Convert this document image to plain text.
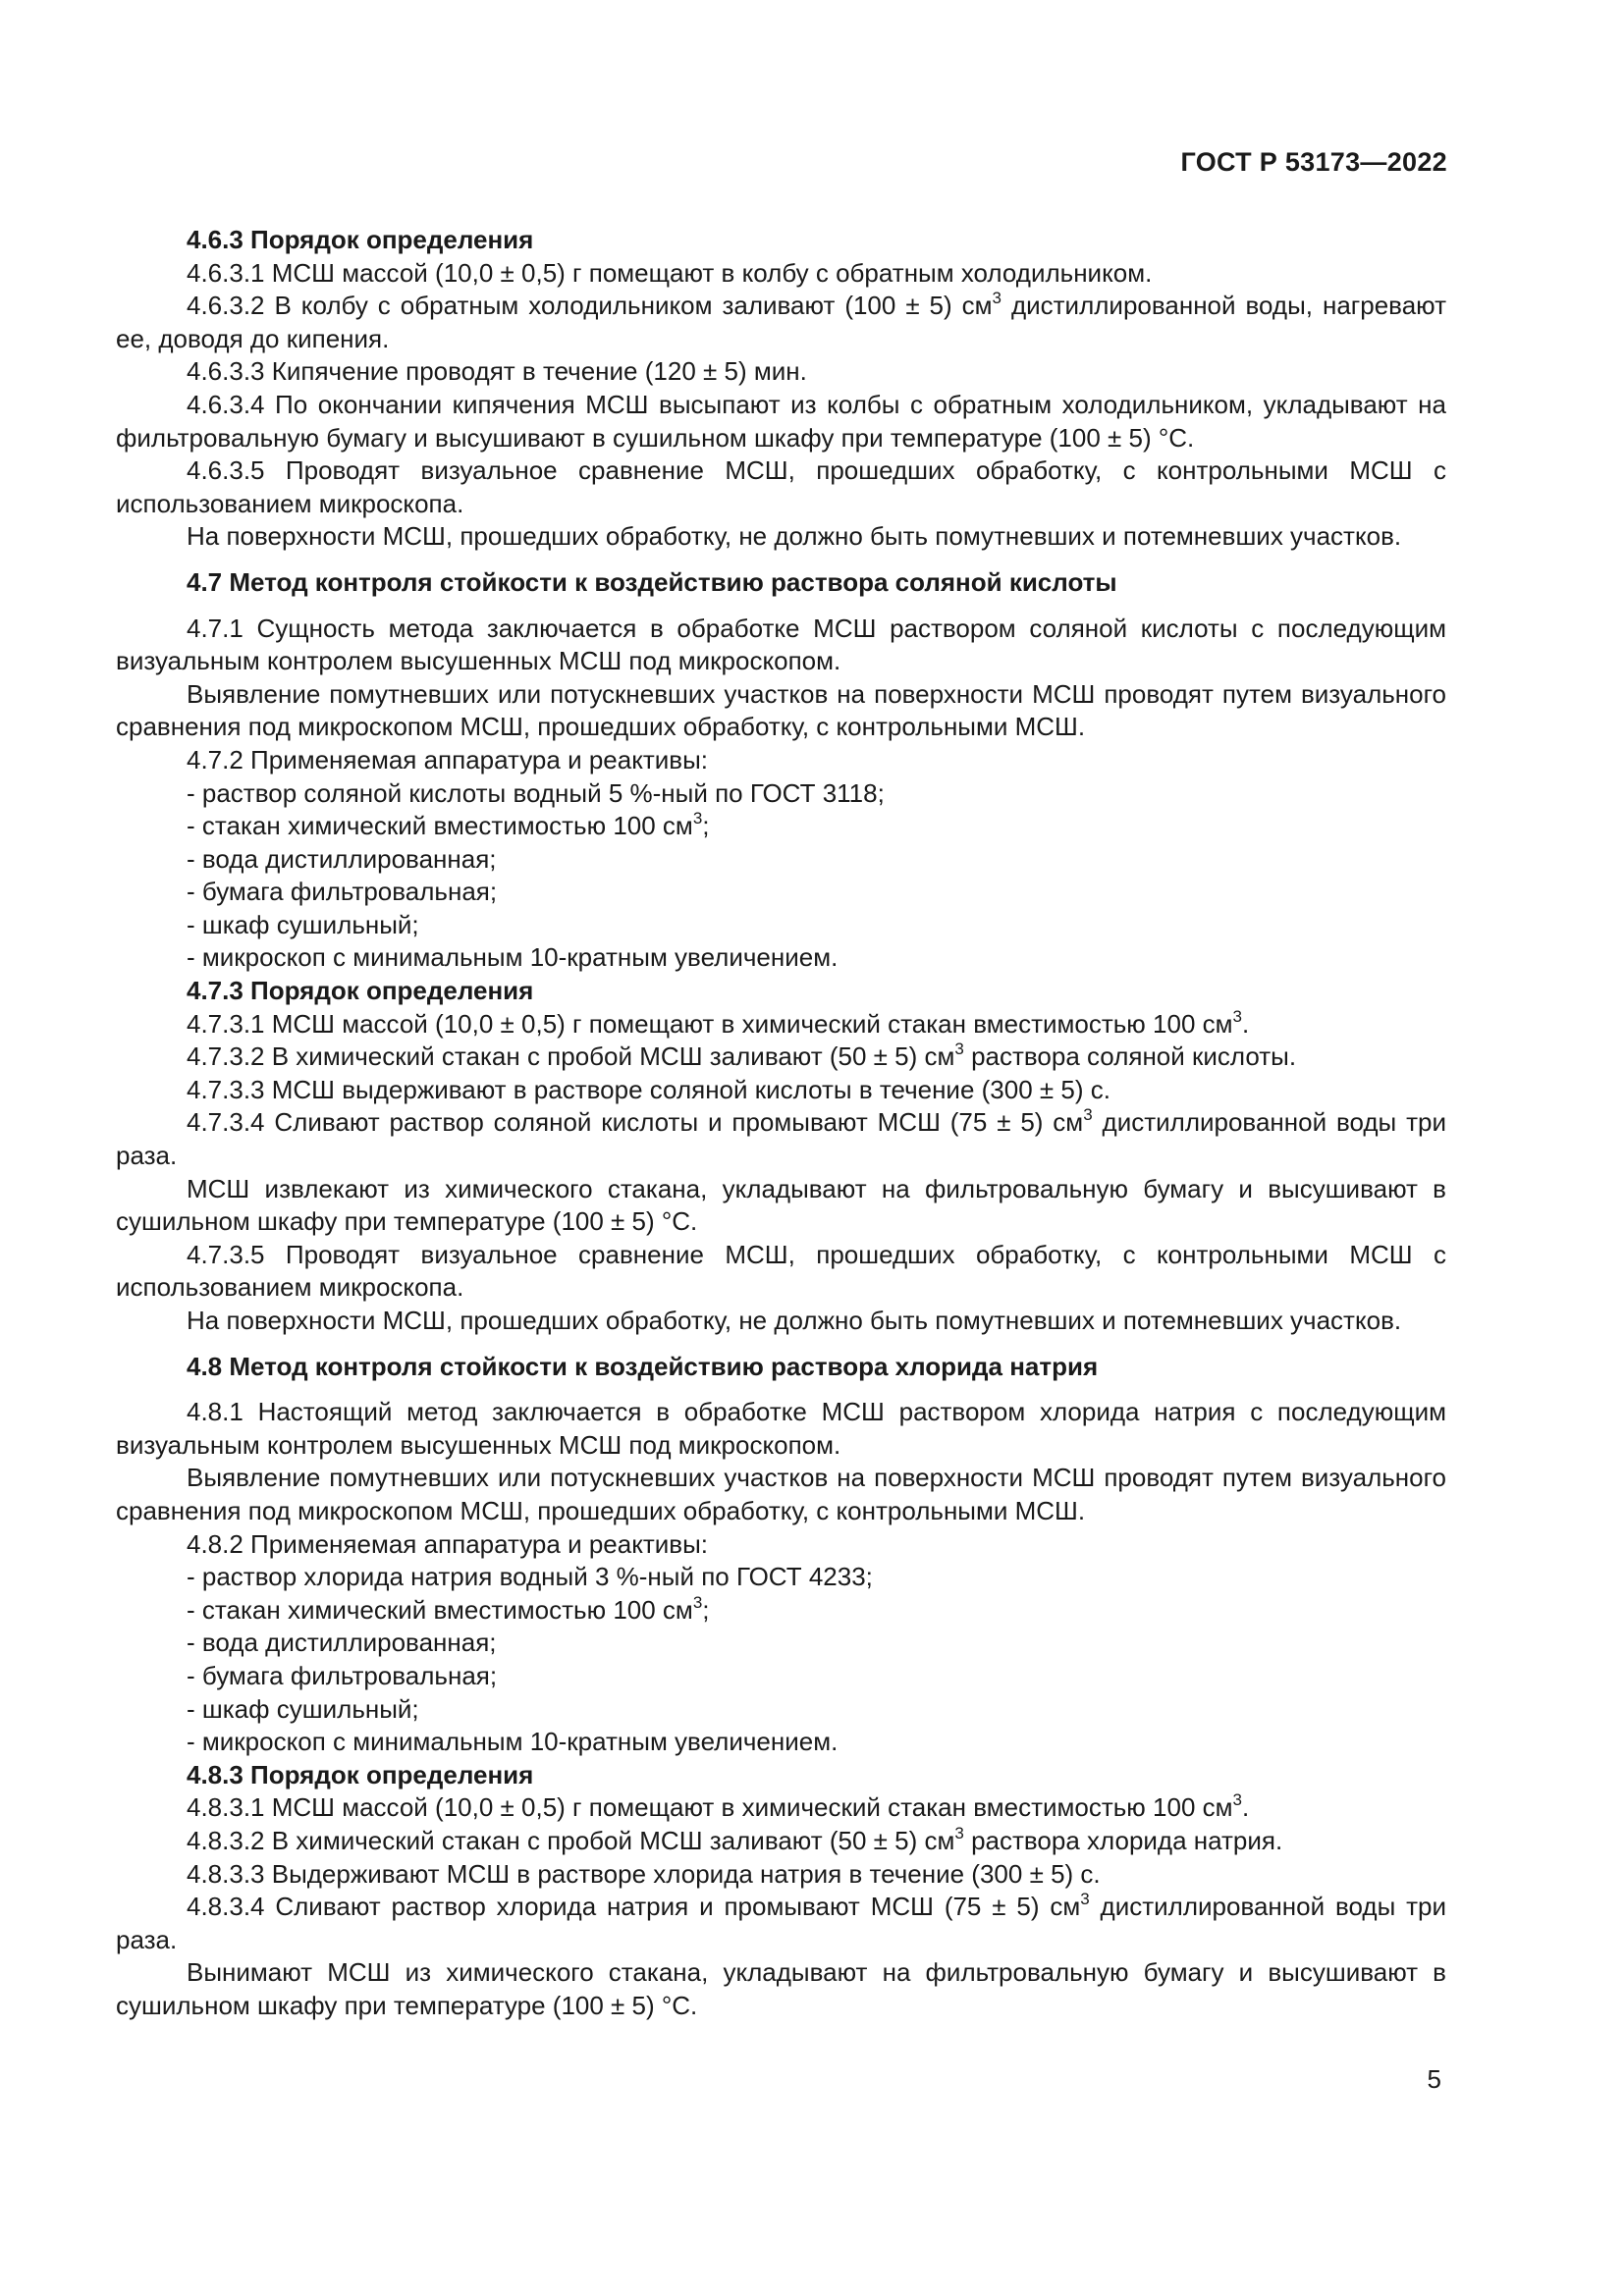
ГОСТ Р 53173—2022

4.6.3 Порядок определения

4.6.3.1 МСШ массой (10,0 ± 0,5) г помещают в колбу с обратным холодильником.

4.6.3.2 В колбу с обратным холодильником заливают (100 ± 5) $см^3$ дистиллированной воды, нагревают ее, доводя до кипения.

4.6.3.3 Кипячение проводят в течение (120 ± 5) мин.

4.6.3.4 По окончании кипячения МСШ высыпают из колбы с обратным холодильником, укладывают на фильтровальную бумагу и высушивают в сушильном шкафу при температуре (100 ± 5) °С.

4.6.3.5 Проводят визуальное сравнение МСШ, прошедших обработку, с контрольными МСШ с использованием микроскопа.

На поверхности МСШ, прошедших обработку, не должно быть помутневших и потемневших участков.

4.7 Метод контроля стойкости к воздействию раствора соляной кислоты

4.7.1 Сущность метода заключается в обработке МСШ раствором соляной кислоты с последующим визуальным контролем высушенных МСШ под микроскопом.

Выявление помутневших или потускневших участков на поверхности МСШ проводят путем визуального сравнения под микроскопом МСШ, прошедших обработку, с контрольными МСШ.

4.7.2 Применяемая аппаратура и реактивы:

- раствор соляной кислоты водный 5 %-ный по ГОСТ 3118;

- стакан химический вместимостью 100 $см^3$;

- вода дистиллированная;

- бумага фильтровальная;

- шкаф сушильный;

- микроскоп с минимальным 10-кратным увеличением.

4.7.3 Порядок определения

4.7.3.1 МСШ массой (10,0 ± 0,5) г помещают в химический стакан вместимостью 100 $см^3$.

4.7.3.2 В химический стакан с пробой МСШ заливают (50 ± 5) $см^3$ раствора соляной кислоты.

4.7.3.3 МСШ выдерживают в растворе соляной кислоты в течение (300 ± 5) с.

4.7.3.4 Сливают раствор соляной кислоты и промывают МСШ (75 ± 5) $см^3$ дистиллированной воды три раза.

МСШ извлекают из химического стакана, укладывают на фильтровальную бумагу и высушивают в сушильном шкафу при температуре (100 ± 5) °С.

4.7.3.5 Проводят визуальное сравнение МСШ, прошедших обработку, с контрольными МСШ с использованием микроскопа.

На поверхности МСШ, прошедших обработку, не должно быть помутневших и потемневших участков.

4.8 Метод контроля стойкости к воздействию раствора хлорида натрия

4.8.1 Настоящий метод заключается в обработке МСШ раствором хлорида натрия с последующим визуальным контролем высушенных МСШ под микроскопом.

Выявление помутневших или потускневших участков на поверхности МСШ проводят путем визуального сравнения под микроскопом МСШ, прошедших обработку, с контрольными МСШ.

4.8.2 Применяемая аппаратура и реактивы:

- раствор хлорида натрия водный 3 %-ный по ГОСТ 4233;

- стакан химический вместимостью 100 $см^3$;

- вода дистиллированная;

- бумага фильтровальная;

- шкаф сушильный;

- микроскоп с минимальным 10-кратным увеличением.

4.8.3 Порядок определения

4.8.3.1 МСШ массой (10,0 ± 0,5) г помещают в химический стакан вместимостью 100 $см^3$.

4.8.3.2 В химический стакан с пробой МСШ заливают (50 ± 5) $см^3$ раствора хлорида натрия.

4.8.3.3 Выдерживают МСШ в растворе хлорида натрия в течение (300 ± 5) с.

4.8.3.4 Сливают раствор хлорида натрия и промывают МСШ (75 ± 5) $см^3$ дистиллированной воды три раза.

Вынимают МСШ из химического стакана, укладывают на фильтровальную бумагу и высушивают в сушильном шкафу при температуре (100 ± 5) °С.

5
